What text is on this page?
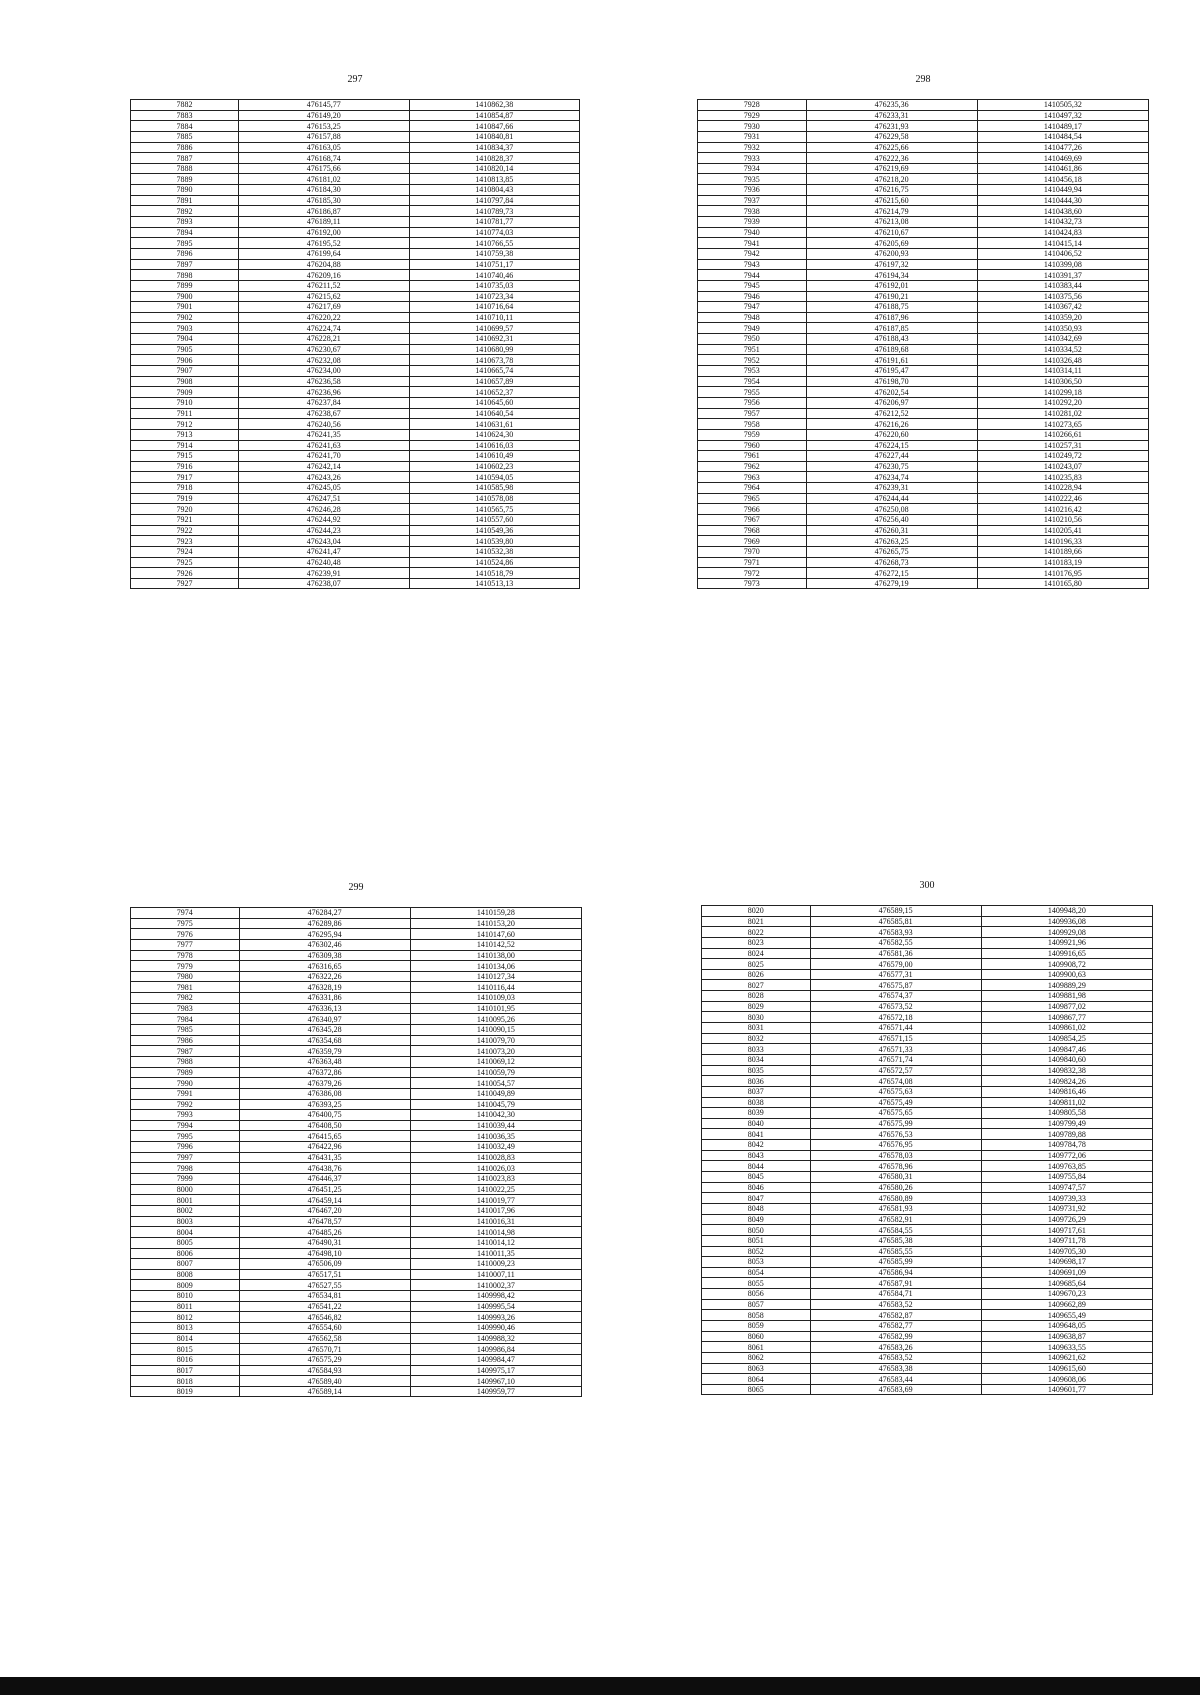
297
7882	476145,77	1410862,38
7883	476149,20	1410854,87
7884	476153,25	1410847,66
7885	476157,88	1410840,81
7886	476163,05	1410834,37
7887	476168,74	1410828,37
7888	476175,66	1410820,14
7889	476181,02	1410813,85
7890	476184,30	1410804,43
7891	476185,30	1410797,84
7892	476186,87	1410789,73
7893	476189,11	1410781,77
7894	476192,00	1410774,03
7895	476195,52	1410766,55
7896	476199,64	1410759,38
7897	476204,88	1410751,17
7898	476209,16	1410740,46
7899	476211,52	1410735,03
7900	476215,62	1410723,34
7901	476217,69	1410716,64
7902	476220,22	1410710,11
7903	476224,74	1410699,57
7904	476228,21	1410692,31
7905	476230,67	1410680,99
7906	476232,08	1410673,78
7907	476234,00	1410665,74
7908	476236,58	1410657,89
7909	476236,96	1410652,37
7910	476237,84	1410645,60
7911	476238,67	1410640,54
7912	476240,56	1410631,61
7913	476241,35	1410624,30
7914	476241,63	1410616,03
7915	476241,70	1410610,49
7916	476242,14	1410602,23
7917	476243,26	1410594,05
7918	476245,05	1410585,98
7919	476247,51	1410578,08
7920	476246,28	1410565,75
7921	476244,92	1410557,60
7922	476244,23	1410549,36
7923	476243,04	1410539,80
7924	476241,47	1410532,38
7925	476240,48	1410524,86
7926	476239,91	1410518,79
7927	476238,07	1410513,13
298
7928	476235,36	1410505,32
7929	476233,31	1410497,32
7930	476231,93	1410489,17
7931	476229,58	1410484,54
7932	476225,66	1410477,26
7933	476222,36	1410469,69
7934	476219,69	1410461,86
7935	476218,20	1410456,18
7936	476216,75	1410449,94
7937	476215,60	1410444,30
7938	476214,79	1410438,60
7939	476213,08	1410432,73
7940	476210,67	1410424,83
7941	476205,69	1410415,14
7942	476200,93	1410406,52
7943	476197,32	1410399,08
7944	476194,34	1410391,37
7945	476192,01	1410383,44
7946	476190,21	1410375,56
7947	476188,75	1410367,42
7948	476187,96	1410359,20
7949	476187,85	1410350,93
7950	476188,43	1410342,69
7951	476189,68	1410334,52
7952	476191,61	1410326,48
7953	476195,47	1410314,11
7954	476198,70	1410306,50
7955	476202,54	1410299,18
7956	476206,97	1410292,20
7957	476212,52	1410281,02
7958	476216,26	1410273,65
7959	476220,60	1410266,61
7960	476224,15	1410257,31
7961	476227,44	1410249,72
7962	476230,75	1410243,07
7963	476234,74	1410235,83
7964	476239,31	1410228,94
7965	476244,44	1410222,46
7966	476250,08	1410216,42
7967	476256,40	1410210,56
7968	476260,31	1410205,41
7969	476263,25	1410196,33
7970	476265,75	1410189,66
7971	476268,73	1410183,19
7972	476272,15	1410176,95
7973	476279,19	1410165,80
299
7974	476284,27	1410159,28
7975	476289,86	1410153,20
7976	476295,94	1410147,60
7977	476302,46	1410142,52
7978	476309,38	1410138,00
7979	476316,65	1410134,06
7980	476322,26	1410127,34
7981	476328,19	1410116,44
7982	476331,86	1410109,03
7983	476336,13	1410101,95
7984	476340,97	1410095,26
7985	476345,28	1410090,15
7986	476354,68	1410079,70
7987	476359,79	1410073,20
7988	476363,48	1410069,12
7989	476372,86	1410059,79
7990	476379,26	1410054,57
7991	476386,08	1410049,89
7992	476393,25	1410045,79
7993	476400,75	1410042,30
7994	476408,50	1410039,44
7995	476415,65	1410036,35
7996	476422,96	1410032,49
7997	476431,35	1410028,83
7998	476438,76	1410026,03
7999	476446,37	1410023,83
8000	476451,25	1410022,25
8001	476459,14	1410019,77
8002	476467,20	1410017,96
8003	476478,57	1410016,31
8004	476485,26	1410014,98
8005	476490,31	1410014,12
8006	476498,10	1410011,35
8007	476506,09	1410009,23
8008	476517,51	1410007,11
8009	476527,55	1410002,37
8010	476534,81	1409998,42
8011	476541,22	1409995,54
8012	476546,82	1409993,26
8013	476554,60	1409990,46
8014	476562,58	1409988,32
8015	476570,71	1409986,84
8016	476575,29	1409984,47
8017	476584,93	1409975,17
8018	476589,40	1409967,10
8019	476589,14	1409959,77
300
8020	476589,15	1409948,20
8021	476585,81	1409936,08
8022	476583,93	1409929,08
8023	476582,55	1409921,96
8024	476581,36	1409916,65
8025	476579,00	1409908,72
8026	476577,31	1409900,63
8027	476575,87	1409889,29
8028	476574,37	1409881,98
8029	476573,52	1409877,02
8030	476572,18	1409867,77
8031	476571,44	1409861,02
8032	476571,15	1409854,25
8033	476571,33	1409847,46
8034	476571,74	1409840,60
8035	476572,57	1409832,38
8036	476574,08	1409824,26
8037	476575,63	1409816,46
8038	476575,49	1409811,02
8039	476575,65	1409805,58
8040	476575,99	1409799,49
8041	476576,53	1409789,88
8042	476576,95	1409784,78
8043	476578,03	1409772,06
8044	476578,96	1409763,85
8045	476580,31	1409755,84
8046	476580,26	1409747,57
8047	476580,89	1409739,33
8048	476581,93	1409731,92
8049	476582,91	1409726,29
8050	476584,55	1409717,61
8051	476585,38	1409711,78
8052	476585,55	1409705,30
8053	476585,99	1409698,17
8054	476586,94	1409691,09
8055	476587,91	1409685,64
8056	476584,71	1409670,23
8057	476583,52	1409662,89
8058	476582,87	1409655,49
8059	476582,77	1409648,05
8060	476582,99	1409638,87
8061	476583,26	1409633,55
8062	476583,52	1409621,62
8063	476583,38	1409615,60
8064	476583,44	1409608,06
8065	476583,69	1409601,77
